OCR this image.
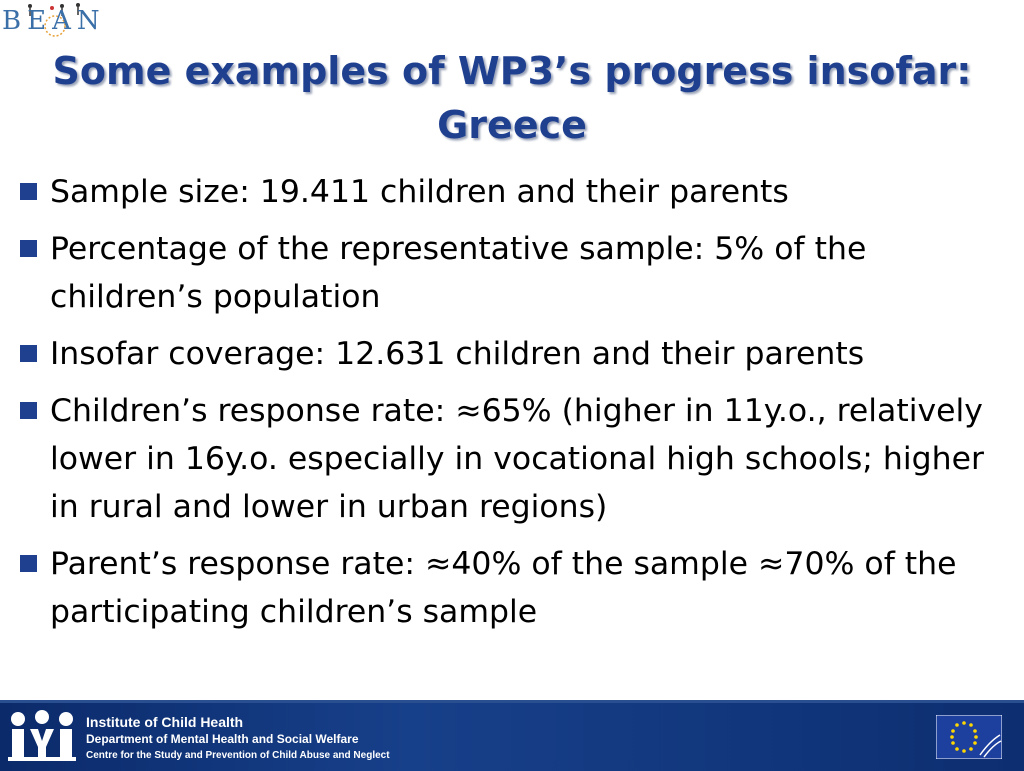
BEAN
Some examples of WP3’s progress insofar:
Greece
Sample size: 19.411 children and their parents
Percentage of the representative sample: 5% of the children’s population
Insofar coverage: 12.631 children and their parents
Children’s response rate: ≈65% (higher in 11y.o., relatively lower in 16y.o. especially in vocational high schools; higher in rural and lower in urban regions)
Parent’s response rate: ≈40% of the sample ≈70% of the participating children’s sample
Institute of Child Health
Department of Mental Health and Social Welfare
Centre for the Study and Prevention of Child Abuse and Neglect
